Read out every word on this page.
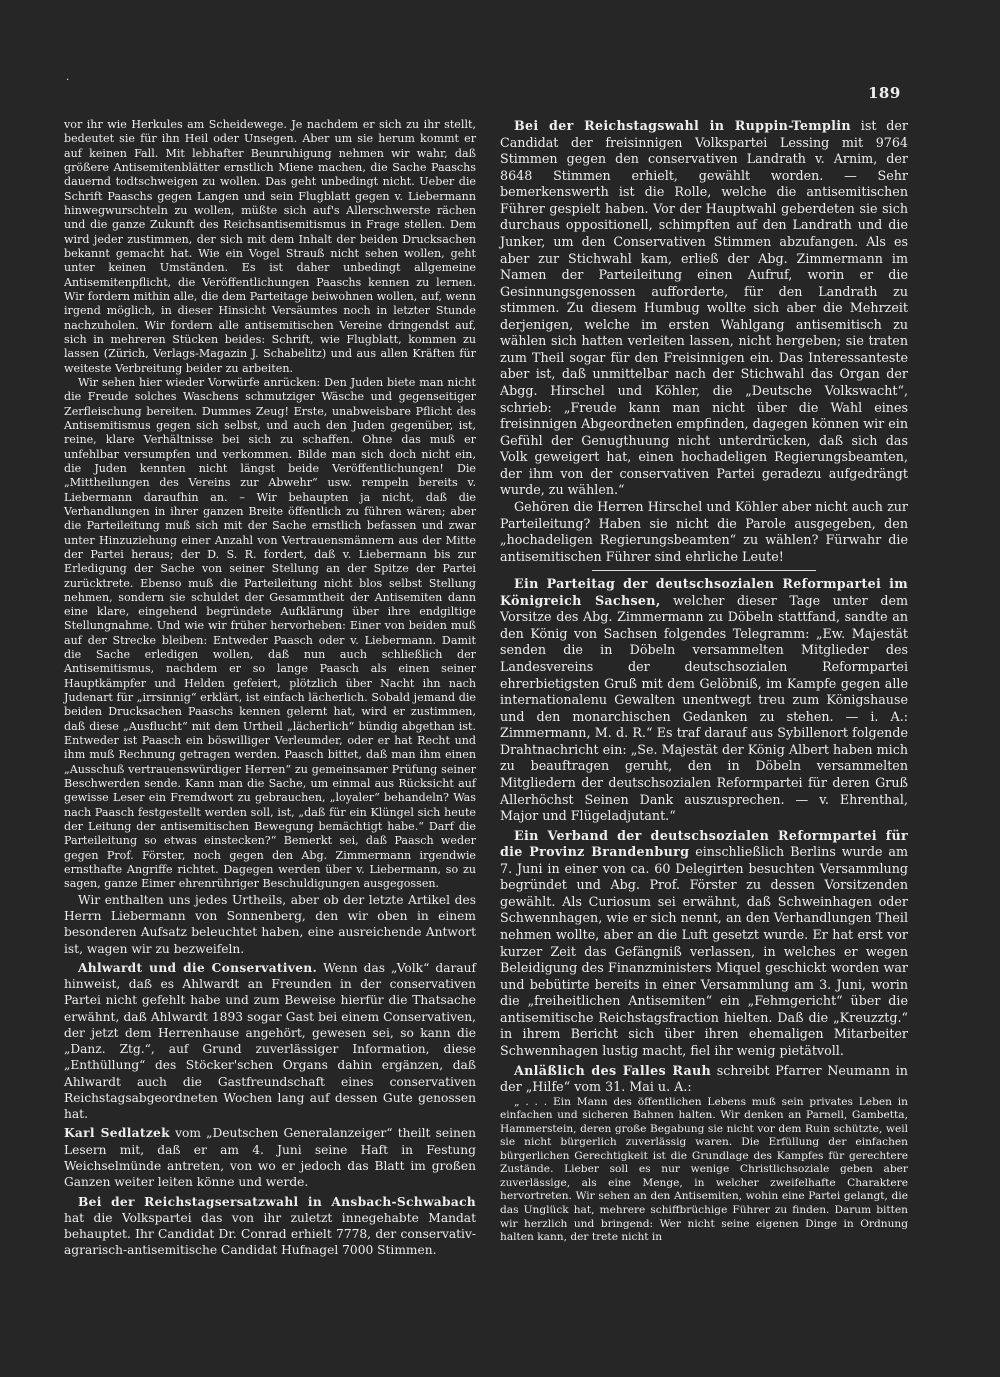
.
189

vor ihr wie Herkules am Scheidewege. Je nachdem er sich zu ihr stellt, bedeutet sie für ihn Heil oder Unsegen. Aber um sie herum kommt er auf keinen Fall. Mit lebhafter Beunruhigung nehmen wir wahr, daß größere Antisemitenblätter ernstlich Miene machen, die Sache Paaschs dauernd todtschweigen zu wollen. Das geht unbedingt nicht. Ueber die Schrift Paaschs gegen Langen und sein Flugblatt gegen v. Liebermann hinwegwurschteln zu wollen, müßte sich auf's Allerschwerste rächen und die ganze Zukunft des Reichsantisemitismus in Frage stellen. Dem wird jeder zustimmen, der sich mit dem Inhalt der beiden Drucksachen bekannt gemacht hat. Wie ein Vogel Strauß nicht sehen wollen, geht unter keinen Umständen. Es ist daher unbedingt allgemeine Antisemitenpflicht, die Veröffentlichungen Paaschs kennen zu lernen. Wir fordern mithin alle, die dem Parteitage beiwohnen wollen, auf, wenn irgend möglich, in dieser Hinsicht Versäumtes noch in letzter Stunde nachzuholen. Wir fordern alle antisemitischen Vereine dringendst auf, sich in mehreren Stücken beides: Schrift, wie Flugblatt, kommen zu lassen (Zürich, Verlags-Magazin J. Schabelitz) und aus allen Kräften für weiteste Verbreitung beider zu arbeiten.

Wir sehen hier wieder Vorwürfe anrücken: Den Juden biete man nicht die Freude solches Waschens schmutziger Wäsche und gegenseitiger Zerfleischung bereiten. Dummes Zeug! Erste, unabweisbare Pflicht des Antisemitismus gegen sich selbst, und auch den Juden gegenüber, ist, reine, klare Verhältnisse bei sich zu schaffen. Ohne das muß er unfehlbar versumpfen und verkommen. Bilde man sich doch nicht ein, die Juden kennten nicht längst beide Veröffentlichungen! Die „Mittheilungen des Vereins zur Abwehr“ usw. rempeln bereits v. Liebermann daraufhin an. – Wir behaupten ja nicht, daß die Verhandlungen in ihrer ganzen Breite öffentlich zu führen wären; aber die Parteileitung muß sich mit der Sache ernstlich befassen und zwar unter Hinzuziehung einer Anzahl von Vertrauensmännern aus der Mitte der Partei heraus; der D. S. R. fordert, daß v. Liebermann bis zur Erledigung der Sache von seiner Stellung an der Spitze der Partei zurücktrete. Ebenso muß die Parteileitung nicht blos selbst Stellung nehmen, sondern sie schuldet der Gesammtheit der Antisemiten dann eine klare, eingehend begründete Aufklärung über ihre endgiltige Stellungnahme. Und wie wir früher hervorheben: Einer von beiden muß auf der Strecke bleiben: Entweder Paasch oder v. Liebermann. Damit die Sache erledigen wollen, daß nun auch schließlich der Antisemitismus, nachdem er so lange Paasch als einen seiner Hauptkämpfer und Helden gefeiert, plötzlich über Nacht ihn nach Judenart für „irrsinnig“ erklärt, ist einfach lächerlich. Sobald jemand die beiden Drucksachen Paaschs kennen gelernt hat, wird er zustimmen, daß diese „Ausflucht“ mit dem Urtheil „lächerlich“ bündig abgethan ist. Entweder ist Paasch ein böswilliger Verleumder, oder er hat Recht und ihm muß Rechnung getragen werden. Paasch bittet, daß man ihm einen „Ausschuß vertrauenswürdiger Herren“ zu gemeinsamer Prüfung seiner Beschwerden sende. Kann man die Sache, um einmal aus Rücksicht auf gewisse Leser ein Fremdwort zu gebrauchen, „loyaler“ behandeln? Was nach Paasch festgestellt werden soll, ist, „daß für ein Klüngel sich heute der Leitung der antisemitischen Bewegung bemächtigt habe.“ Darf die Parteileitung so etwas einstecken?“ Bemerkt sei, daß Paasch weder gegen Prof. Förster, noch gegen den Abg. Zimmermann irgendwie ernsthafte Angriffe richtet. Dagegen werden über v. Liebermann, so zu sagen, ganze Eimer ehrenrühriger Beschuldigungen ausgegossen.

Wir enthalten uns jedes Urtheils, aber ob der letzte Artikel des Herrn Liebermann von Sonnenberg, den wir oben in einem besonderen Aufsatz beleuchtet haben, eine ausreichende Antwort ist, wagen wir zu bezweifeln.

Ahlwardt und die Conservativen. Wenn das „Volk“ darauf hinweist, daß es Ahlwardt an Freunden in der conservativen Partei nicht gefehlt habe und zum Beweise hierfür die Thatsache erwähnt, daß Ahlwardt 1893 sogar Gast bei einem Conservativen, der jetzt dem Herrenhause angehört, gewesen sei, so kann die „Danz. Ztg.“, auf Grund zuverlässiger Information, diese „Enthüllung“ des Stöcker'schen Organs dahin ergänzen, daß Ahlwardt auch die Gastfreundschaft eines conservativen Reichstagsabgeordneten Wochen lang auf dessen Gute genossen hat.

Karl Sedlatzek vom „Deutschen Generalanzeiger“ theilt seinen Lesern mit, daß er am 4. Juni seine Haft in Festung Weichselmünde antreten, von wo er jedoch das Blatt im großen Ganzen weiter leiten könne und werde.

Bei der Reichstagsersatzwahl in Ansbach-Schwabach hat die Volkspartei das von ihr zuletzt innegehabte Mandat behauptet. Ihr Candidat Dr. Conrad erhielt 7778, der conservativ-agrarisch-antisemitische Candidat Hufnagel 7000 Stimmen.

Bei der Reichstagswahl in Ruppin-Templin ist der Candidat der freisinnigen Volkspartei Lessing mit 9764 Stimmen gegen den conservativen Landrath v. Arnim, der 8648 Stimmen erhielt, gewählt worden. — Sehr bemerkenswerth ist die Rolle, welche die antisemitischen Führer gespielt haben. Vor der Hauptwahl geberdeten sie sich durchaus oppositionell, schimpften auf den Landrath und die Junker, um den Conservativen Stimmen abzufangen. Als es aber zur Stichwahl kam, erließ der Abg. Zimmermann im Namen der Parteileitung einen Aufruf, worin er die Gesinnungsgenossen aufforderte, für den Landrath zu stimmen. Zu diesem Humbug wollte sich aber die Mehrzeit derjenigen, welche im ersten Wahlgang antisemitisch zu wählen sich hatten verleiten lassen, nicht hergeben; sie traten zum Theil sogar für den Freisinnigen ein. Das Interessanteste aber ist, daß unmittelbar nach der Stichwahl das Organ der Abgg. Hirschel und Köhler, die „Deutsche Volkswacht“, schrieb: „Freude kann man nicht über die Wahl eines freisinnigen Abgeordneten empfinden, dagegen können wir ein Gefühl der Genugthuung nicht unterdrücken, daß sich das Volk geweigert hat, einen hochadeligen Regierungsbeamten, der ihm von der conservativen Partei geradezu aufgedrängt wurde, zu wählen.“

Gehören die Herren Hirschel und Köhler aber nicht auch zur Parteileitung? Haben sie nicht die Parole ausgegeben, den „hochadeligen Regierungsbeamten“ zu wählen? Fürwahr die antisemitischen Führer sind ehrliche Leute!

Ein Parteitag der deutschsozialen Reformpartei im Königreich Sachsen, welcher dieser Tage unter dem Vorsitze des Abg. Zimmermann zu Döbeln stattfand, sandte an den König von Sachsen folgendes Telegramm: „Ew. Majestät senden die in Döbeln versammelten Mitglieder des Landesvereins der deutschsozialen Reformpartei ehrerbietigsten Gruß mit dem Gelöbniß, im Kampfe gegen alle internationalenu Gewalten unentwegt treu zum Königshause und den monarchischen Gedanken zu stehen. — i. A.: Zimmermann, M. d. R.“ Es traf darauf aus Sybillenort folgende Drahtnachricht ein: „Se. Majestät der König Albert haben mich zu beauftragen geruht, den in Döbeln versammelten Mitgliedern der deutschsozialen Reformpartei für deren Gruß Allerhöchst Seinen Dank auszusprechen. — v. Ehrenthal, Major und Flügeladjutant.“

Ein Verband der deutschsozialen Reformpartei für die Provinz Brandenburg einschließlich Berlins wurde am 7. Juni in einer von ca. 60 Delegirten besuchten Versammlung begründet und Abg. Prof. Förster zu dessen Vorsitzenden gewählt. Als Curiosum sei erwähnt, daß Schweinhagen oder Schwennhagen, wie er sich nennt, an den Verhandlungen Theil nehmen wollte, aber an die Luft gesetzt wurde. Er hat erst vor kurzer Zeit das Gefängniß verlassen, in welches er wegen Beleidigung des Finanzministers Miquel geschickt worden war und bebütirte bereits in einer Versammlung am 3. Juni, worin die „freiheitlichen Antisemiten“ ein „Fehmgericht“ über die antisemitische Reichstagsfraction hielten. Daß die „Kreuzztg.“ in ihrem Bericht sich über ihren ehemaligen Mitarbeiter Schwennhagen lustig macht, fiel ihr wenig pietätvoll.

Anläßlich des Falles Rauh schreibt Pfarrer Neumann in der „Hilfe“ vom 31. Mai u. A.:

„ . . . Ein Mann des öffentlichen Lebens muß sein privates Leben in einfachen und sicheren Bahnen halten. Wir denken an Parnell, Gambetta, Hammerstein, deren große Begabung sie nicht vor dem Ruin schützte, weil sie nicht bürgerlich zuverlässig waren. Die Erfüllung der einfachen bürgerlichen Gerechtigkeit ist die Grundlage des Kampfes für gerechtere Zustände. Lieber soll es nur wenige Christlichsoziale geben aber zuverlässige, als eine Menge, in welcher zweifelhafte Charaktere hervortreten. Wir sehen an den Antisemiten, wohin eine Partei gelangt, die das Unglück hat, mehrere schiffbrüchige Führer zu finden. Darum bitten wir herzlich und bringend: Wer nicht seine eigenen Dinge in Ordnung halten kann, der trete nicht in
